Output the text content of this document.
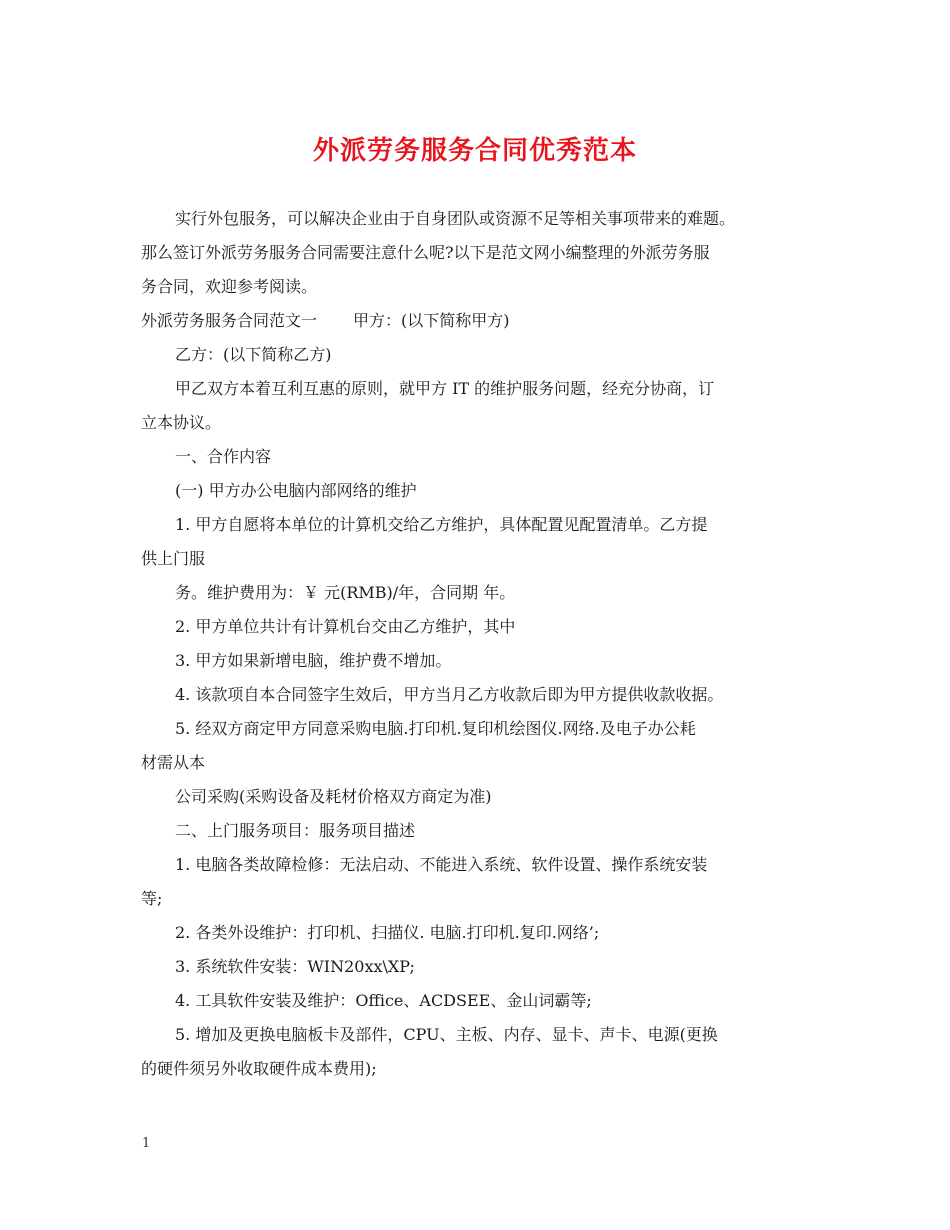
外派劳务服务合同优秀范本

实行外包服务，可以解决企业由于自身团队或资源不足等相关事项带来的难题。

那么签订外派劳务服务合同需要注意什么呢?以下是范文网小编整理的外派劳务服

务合同，欢迎参考阅读。

外派劳务服务合同范文一 甲方：(以下简称甲方)

乙方：(以下简称乙方)

甲乙双方本着互利互惠的原则，就甲方 IT 的维护服务问题，经充分协商，订

立本协议。

一、合作内容

(一) 甲方办公电脑内部网络的维护

1. 甲方自愿将本单位的计算机交给乙方维护，具体配置见配置清单。乙方提

供上门服

务。维护费用为：￥ 元(RMB)/年，合同期 年。

2. 甲方单位共计有计算机台交由乙方维护，其中

3. 甲方如果新增电脑，维护费不增加。

4. 该款项自本合同签字生效后，甲方当月乙方收款后即为甲方提供收款收据。

5. 经双方商定甲方同意采购电脑.打印机.复印机绘图仪.网络.及电子办公耗

材需从本

公司采购(采购设备及耗材价格双方商定为准)

二、上门服务项目：服务项目描述

1. 电脑各类故障检修：无法启动、不能进入系统、软件设置、操作系统安装

等;

2. 各类外设维护：打印机、扫描仪. 电脑.打印机.复印.网络’;

3. 系统软件安装：WIN20xx\XP;

4. 工具软件安装及维护：Office、ACDSEE、金山词霸等;

5. 增加及更换电脑板卡及部件，CPU、主板、内存、显卡、声卡、电源(更换

的硬件须另外收取硬件成本费用);

1
